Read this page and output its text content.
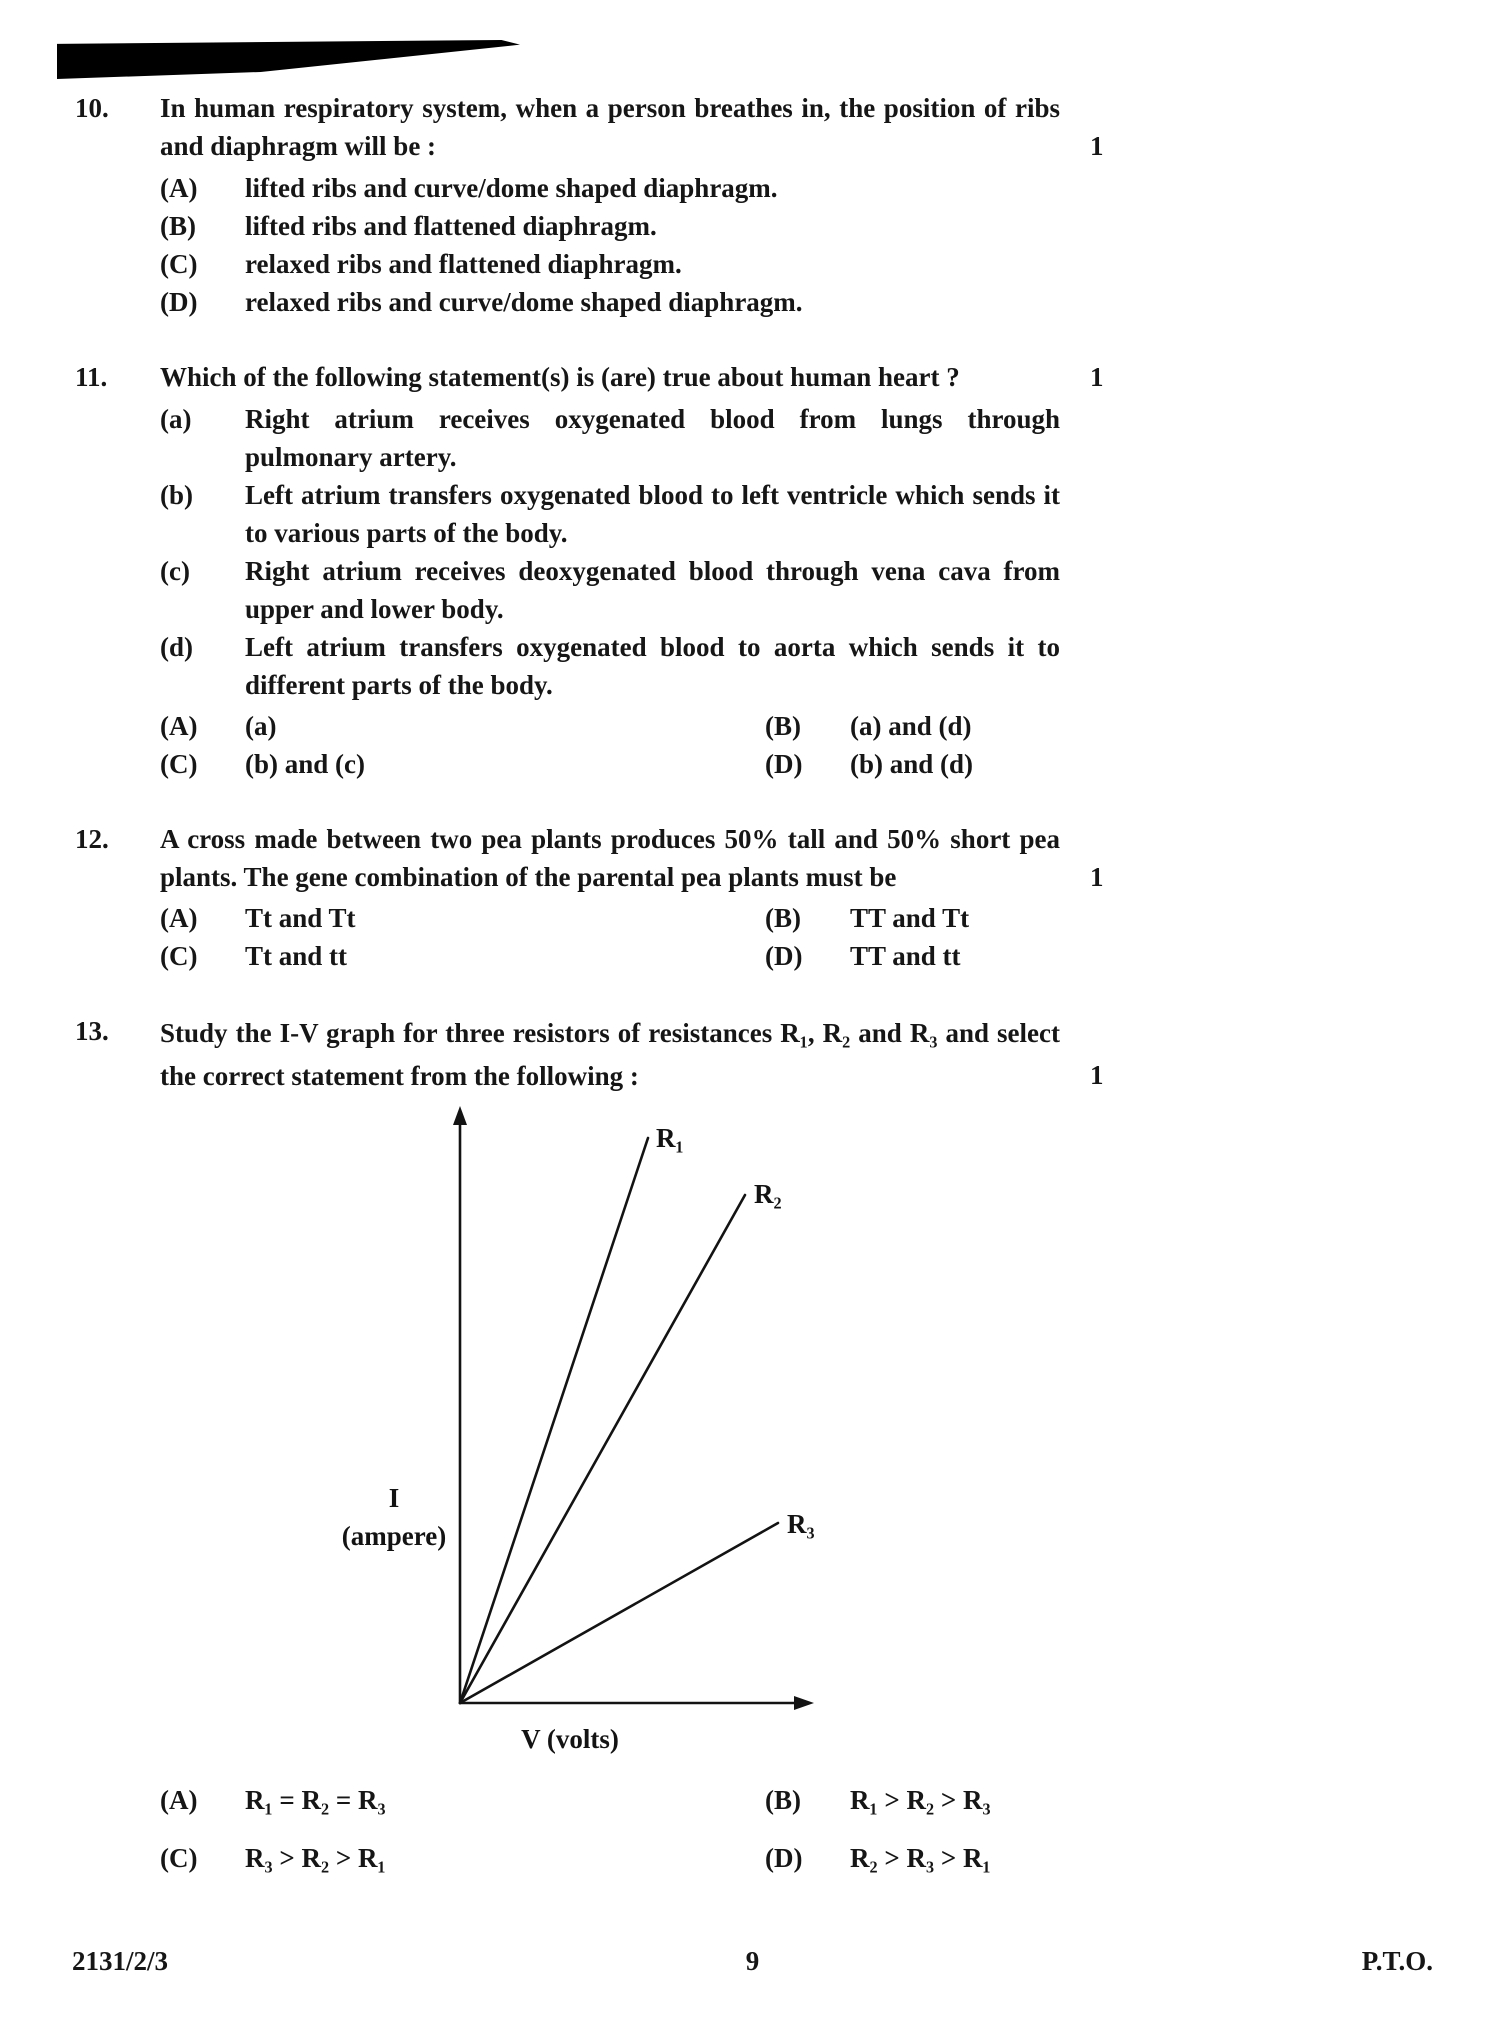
10.	In human respiratory system, when a person breathes in, the position of ribs and diaphragm will be :

(A)	lifted ribs and curve/dome shaped diaphragm.
(B)	lifted ribs and flattened diaphragm.
(C)	relaxed ribs and flattened diaphragm.
(D)	relaxed ribs and curve/dome shaped diaphragm.
1
11.	Which of the following statement(s) is (are) true about human heart ?

(a)	Right atrium receives oxygenated blood from lungs through pulmonary artery.
(b)	Left atrium transfers oxygenated blood to left ventricle which sends it to various parts of the body.
(c)	Right atrium receives deoxygenated blood through vena cava from upper and lower body.
(d)	Left atrium transfers oxygenated blood to aorta which sends it to different parts of the body.
(A)	(a)	(B)	(a) and (d)
(C)	(b) and (c)	(D)	(b) and (d)
1
12.	A cross made between two pea plants produces 50% tall and 50% short pea plants. The gene combination of the parental pea plants must be

(A)	Tt and Tt	(B)	TT and Tt
(C)	Tt and tt	(D)	TT and tt
1
13.	Study the I-V graph for three resistors of resistances R₁, R₂ and R₃ and select the correct statement from the following :

R₁
R₂
R₃
I
(ampere)
V (volts)
(A)	R₁ = R₂ = R₃	(B)	R₁ > R₂ > R₃
(C)	R₃ > R₂ > R₁	(D)	R₂ > R₃ > R₁
1
2131/2/3	9	P.T.O.
